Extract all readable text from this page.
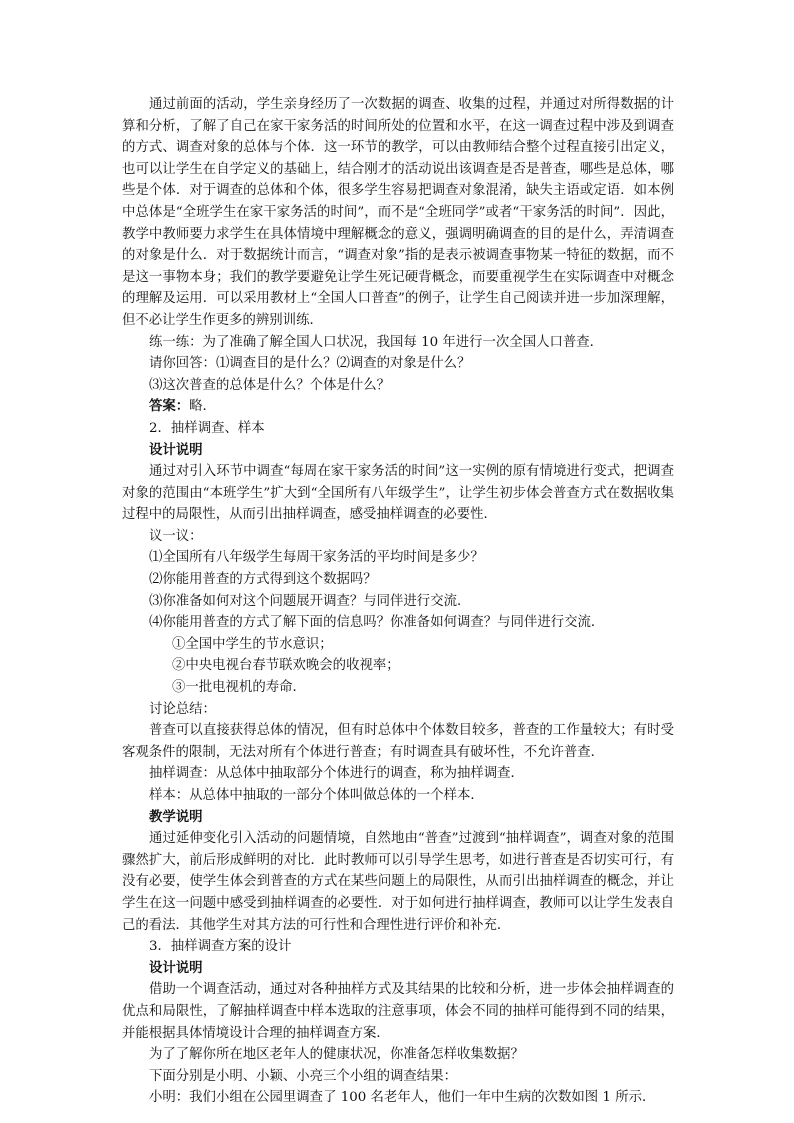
通过前面的活动，学生亲身经历了一次数据的调查、收集的过程，并通过对所得数据的计算和分析，了解了自己在家干家务活的时间所处的位置和水平，在这一调查过程中涉及到调查的方式、调查对象的总体与个体．这一环节的教学，可以由教师结合整个过程直接引出定义，也可以让学生在自学定义的基础上，结合刚才的活动说出该调查是否是普查，哪些是总体，哪些是个体．对于调查的总体和个体，很多学生容易把调查对象混淆，缺失主语或定语．如本例中总体是“全班学生在家干家务活的时间”，而不是“全班同学”或者“干家务活的时间”．因此，教学中教师要力求学生在具体情境中理解概念的意义，强调明确调查的目的是什么，弄清调查的对象是什么．对于数据统计而言，“调查对象”指的是表示被调查事物某一特征的数据，而不是这一事物本身；我们的教学要避免让学生死记硬背概念，而要重视学生在实际调查中对概念的理解及运用．可以采用教材上“全国人口普查”的例子，让学生自己阅读并进一步加深理解，但不必让学生作更多的辨别训练．

练一练：为了准确了解全国人口状况，我国每 10 年进行一次全国人口普查．

请你回答：⑴调查目的是什么？⑵调查的对象是什么？

⑶这次普查的总体是什么？个体是什么？

答案：略．

2．抽样调查、样本

设计说明

通过对引入环节中调查“每周在家干家务活的时间”这一实例的原有情境进行变式，把调查对象的范围由“本班学生”扩大到“全国所有八年级学生”，让学生初步体会普查方式在数据收集过程中的局限性，从而引出抽样调查，感受抽样调查的必要性．

议一议：

⑴全国所有八年级学生每周干家务活的平均时间是多少？

⑵你能用普查的方式得到这个数据吗？

⑶你准备如何对这个问题展开调查？与同伴进行交流．

⑷你能用普查的方式了解下面的信息吗？你准备如何调查？与同伴进行交流．

①全国中学生的节水意识；

②中央电视台春节联欢晚会的收视率；

③一批电视机的寿命．

讨论总结：

普查可以直接获得总体的情况，但有时总体中个体数目较多，普查的工作量较大；有时受客观条件的限制，无法对所有个体进行普查；有时调查具有破坏性，不允许普查．

抽样调查：从总体中抽取部分个体进行的调查，称为抽样调查．

样本：从总体中抽取的一部分个体叫做总体的一个样本．

教学说明

通过延伸变化引入活动的问题情境，自然地由“普查”过渡到“抽样调查”，调查对象的范围骤然扩大，前后形成鲜明的对比．此时教师可以引导学生思考，如进行普查是否切实可行，有没有必要，使学生体会到普查的方式在某些问题上的局限性，从而引出抽样调查的概念，并让学生在这一问题中感受到抽样调查的必要性．对于如何进行抽样调查，教师可以让学生发表自己的看法．其他学生对其方法的可行性和合理性进行评价和补充．

3．抽样调查方案的设计

设计说明

借助一个调查活动，通过对各种抽样方式及其结果的比较和分析，进一步体会抽样调查的优点和局限性，了解抽样调查中样本选取的注意事项，体会不同的抽样可能得到不同的结果，并能根据具体情境设计合理的抽样调查方案．

为了了解你所在地区老年人的健康状况，你准备怎样收集数据？

下面分别是小明、小颖、小亮三个小组的调查结果：

小明：我们小组在公园里调查了 100 名老年人，他们一年中生病的次数如图 1 所示．
